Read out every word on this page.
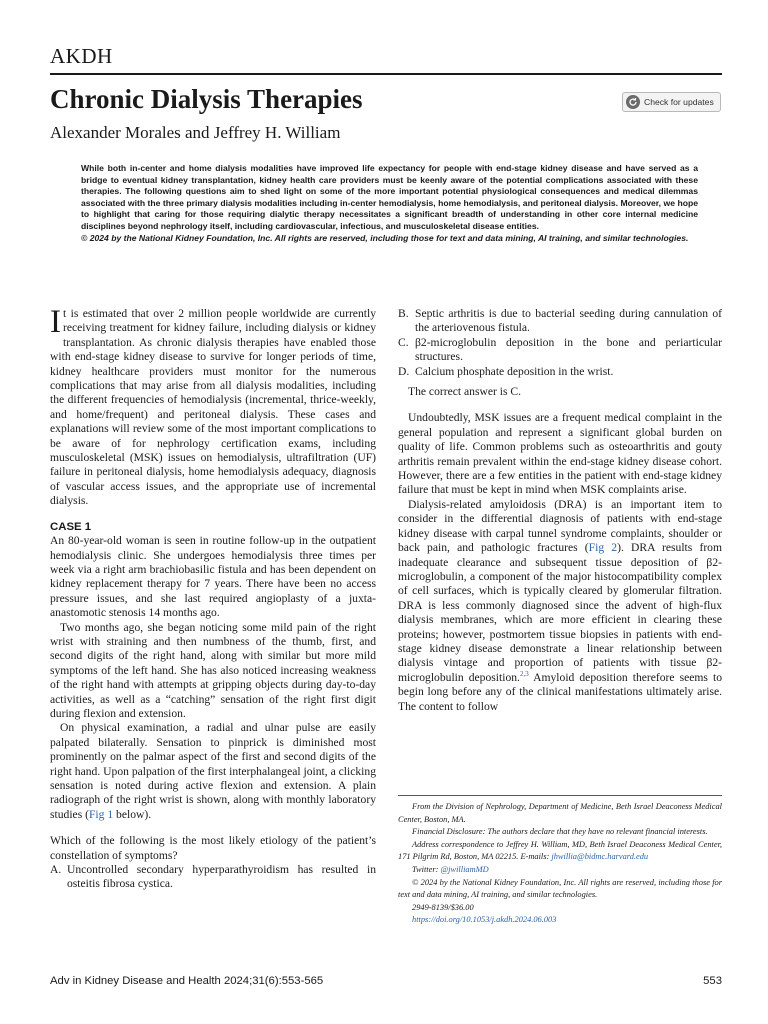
AKDH
Chronic Dialysis Therapies
Alexander Morales and Jeffrey H. William
Check for updates
While both in-center and home dialysis modalities have improved life expectancy for people with end-stage kidney disease and have served as a bridge to eventual kidney transplantation, kidney health care providers must be keenly aware of the potential complications associated with these therapies. The following questions aim to shed light on some of the more important potential physiological consequences and medical dilemmas associated with the three primary dialysis modalities including in-center hemodialysis, home hemodialysis, and peritoneal dialysis. Moreover, we hope to highlight that caring for those requiring dialytic therapy necessitates a significant breadth of understanding in other core internal medicine disciplines beyond nephrology itself, including cardiovascular, infectious, and musculoskeletal disease entities.
© 2024 by the National Kidney Foundation, Inc. All rights are reserved, including those for text and data mining, AI training, and similar technologies.

It is estimated that over 2 million people worldwide are currently receiving treatment for kidney failure, including dialysis or kidney transplantation. As chronic dialysis therapies have enabled those with end-stage kidney disease to survive for longer periods of time, kidney healthcare providers must monitor for the numerous complications that may arise from all dialysis modalities, including the different frequencies of hemodialysis (incremental, thrice-weekly, and home/frequent) and peritoneal dialysis. These cases and explanations will review some of the most important complications to be aware of for nephrology certification exams, including musculoskeletal (MSK) issues on hemodialysis, ultrafiltration (UF) failure in peritoneal dialysis, home hemodialysis adequacy, diagnosis of vascular access issues, and the appropriate use of incremental dialysis.

CASE 1

An 80-year-old woman is seen in routine follow-up in the outpatient hemodialysis clinic. She undergoes hemodialysis three times per week via a right arm brachiobasilic fistula and has been dependent on kidney replacement therapy for 7 years. There have been no access pressure issues, and she last required angioplasty of a juxta-anastomotic stenosis 14 months ago.

Two months ago, she began noticing some mild pain of the right wrist with straining and then numbness of the thumb, first, and second digits of the right hand, along with similar but more mild symptoms of the left hand. She has also noticed increasing weakness of the right hand with attempts at gripping objects during day-to-day activities, as well as a “catching” sensation of the right first digit during flexion and extension.

On physical examination, a radial and ulnar pulse are easily palpated bilaterally. Sensation to pinprick is diminished most prominently on the palmar aspect of the first and second digits of the right hand. Upon palpation of the first interphalangeal joint, a clicking sensation is noted during active flexion and extension. A plain radiograph of the right wrist is shown, along with monthly laboratory studies (Fig 1 below).

Which of the following is the most likely etiology of the patient’s constellation of symptoms?

A. Uncontrolled secondary hyperparathyroidism has resulted in osteitis fibrosa cystica.
B. Septic arthritis is due to bacterial seeding during cannulation of the arteriovenous fistula.
C. β2-microglobulin deposition in the bone and periarticular structures.
D. Calcium phosphate deposition in the wrist.

The correct answer is C.

Undoubtedly, MSK issues are a frequent medical complaint in the general population and represent a significant global burden on quality of life. Common problems such as osteoarthritis and gouty arthritis remain prevalent within the end-stage kidney disease cohort. However, there are a few entities in the patient with end-stage kidney failure that must be kept in mind when MSK complaints arise.

Dialysis-related amyloidosis (DRA) is an important item to consider in the differential diagnosis of patients with end-stage kidney disease with carpal tunnel syndrome complaints, shoulder or back pain, and pathologic fractures (Fig 2). DRA results from inadequate clearance and subsequent tissue deposition of β2-microglobulin, a component of the major histocompatibility complex of cell surfaces, which is typically cleared by glomerular filtration. DRA is less commonly diagnosed since the advent of high-flux dialysis membranes, which are more efficient in clearing these proteins; however, postmortem tissue biopsies in patients with end-stage kidney disease demonstrate a linear relationship between dialysis vintage and proportion of patients with tissue β2-microglobulin deposition.$^{2,3}$ Amyloid deposition therefore seems to begin long before any of the clinical manifestations ultimately arise. The content to follow

From the Division of Nephrology, Department of Medicine, Beth Israel Deaconess Medical Center, Boston, MA.

Financial Disclosure: The authors declare that they have no relevant financial interests.

Address correspondence to Jeffrey H. William, MD, Beth Israel Deaconess Medical Center, 171 Pilgrim Rd, Boston, MA 02215. E-mails: jhwillia@bidmc.harvard.edu

Twitter: @jwilliamMD

© 2024 by the National Kidney Foundation, Inc. All rights are reserved, including those for text and data mining, AI training, and similar technologies.

2949-8139/$36.00

https://doi.org/10.1053/j.akdh.2024.06.003

Adv in Kidney Disease and Health 2024;31(6):553-565	553
